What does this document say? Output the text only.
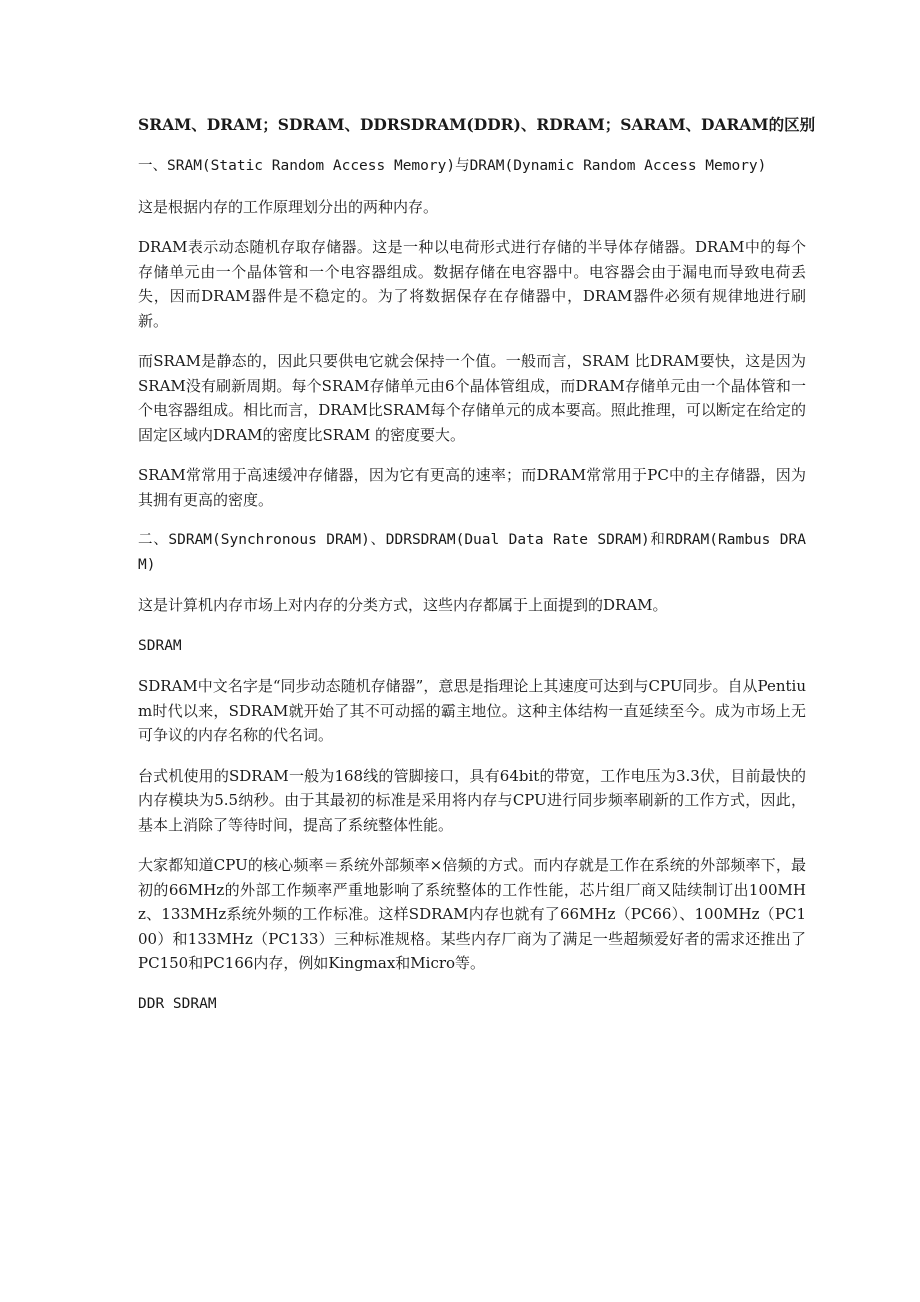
SRAM、DRAM；SDRAM、DDRSDRAM(DDR)、RDRAM；SARAM、DARAM的区别

一、SRAM(Static Random Access Memory)与DRAM(Dynamic Random Access Memory)

这是根据内存的工作原理划分出的两种内存。

DRAM表示动态随机存取存储器。这是一种以电荷形式进行存储的半导体存储器。DRAM中的每个存储单元由一个晶体管和一个电容器组成。数据存储在电容器中。电容器会由于漏电而导致电荷丢失，因而DRAM器件是不稳定的。为了将数据保存在存储器中，DRAM器件必须有规律地进行刷新。

而SRAM是静态的，因此只要供电它就会保持一个值。一般而言，SRAM 比DRAM要快，这是因为SRAM没有刷新周期。每个SRAM存储单元由6个晶体管组成，而DRAM存储单元由一个晶体管和一个电容器组成。相比而言，DRAM比SRAM每个存储单元的成本要高。照此推理，可以断定在给定的固定区域内DRAM的密度比SRAM 的密度要大。

SRAM常常用于高速缓冲存储器，因为它有更高的速率；而DRAM常常用于PC中的主存储器，因为其拥有更高的密度。

二、SDRAM(Synchronous DRAM)、DDRSDRAM(Dual Data Rate SDRAM)和RDRAM(Rambus DRAM)

这是计算机内存市场上对内存的分类方式，这些内存都属于上面提到的DRAM。

SDRAM

SDRAM中文名字是“同步动态随机存储器”，意思是指理论上其速度可达到与CPU同步。自从Pentium时代以来，SDRAM就开始了其不可动摇的霸主地位。这种主体结构一直延续至今。成为市场上无可争议的内存名称的代名词。

台式机使用的SDRAM一般为168线的管脚接口，具有64bit的带宽，工作电压为3.3伏，目前最快的内存模块为5.5纳秒。由于其最初的标准是采用将内存与CPU进行同步频率刷新的工作方式，因此，基本上消除了等待时间，提高了系统整体性能。

大家都知道CPU的核心频率＝系统外部频率×倍频的方式。而内存就是工作在系统的外部频率下，最初的66MHz的外部工作频率严重地影响了系统整体的工作性能，芯片组厂商又陆续制订出100MHz、133MHz系统外频的工作标准。这样SDRAM内存也就有了66MHz（PC66）、100MHz（PC100）和133MHz（PC133）三种标准规格。某些内存厂商为了满足一些超频爱好者的需求还推出了PC150和PC166内存，例如Kingmax和Micro等。

DDR SDRAM
